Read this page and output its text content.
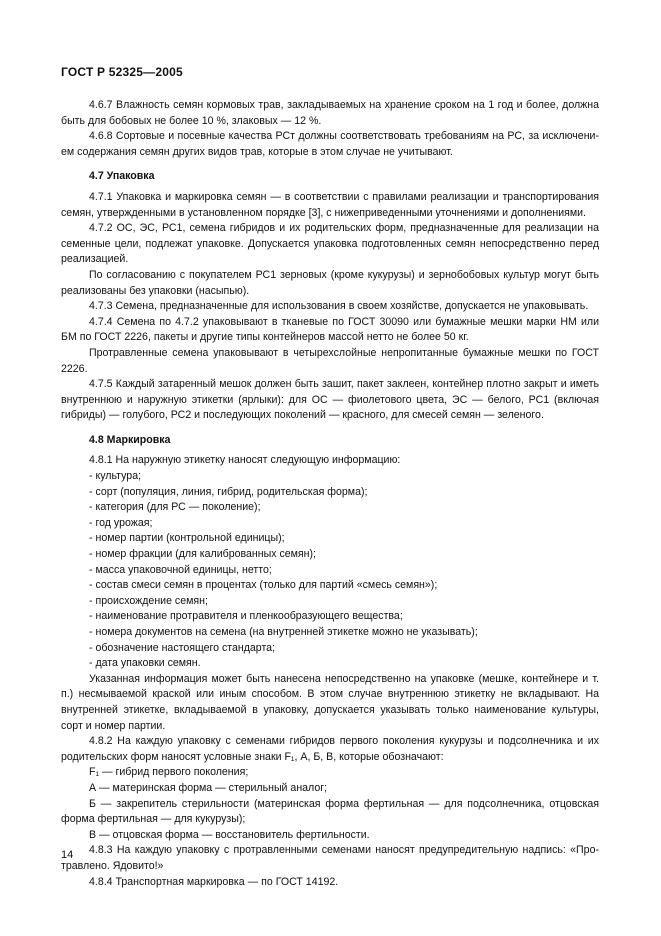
ГОСТ Р 52325—2005

4.6.7 Влажность семян кормовых трав, закладываемых на хранение сроком на 1 год и более, должна быть для бобовых не более 10 %, злаковых — 12 %.

4.6.8 Сортовые и посевные качества РСт должны соответствовать требованиям на РС, за исключени-ем содержания семян других видов трав, которые в этом случае не учитывают.

4.7 Упаковка

4.7.1 Упаковка и маркировка семян — в соответствии с правилами реализации и транспортирования семян, утвержденными в установленном порядке [3], с нижеприведенными уточнениями и дополнениями.

4.7.2 ОС, ЭС, РС1, семена гибридов и их родительских форм, предназначенные для реализации на семенные цели, подлежат упаковке. Допускается упаковка подготовленных семян непосредственно перед реализацией.

По согласованию с покупателем РС1 зерновых (кроме кукурузы) и зернобобовых культур могут быть реализованы без упаковки (насыпью).

4.7.3 Семена, предназначенные для использования в своем хозяйстве, допускается не упаковывать.

4.7.4 Семена по 4.7.2 упаковывают в тканевые по ГОСТ 30090 или бумажные мешки марки НМ или БМ по ГОСТ 2226, пакеты и другие типы контейнеров массой нетто не более 50 кг.

Протравленные семена упаковывают в четырехслойные непропитанные бумажные мешки по ГОСТ 2226.

4.7.5 Каждый затаренный мешок должен быть зашит, пакет заклеен, контейнер плотно закрыт и иметь внутреннюю и наружную этикетки (ярлыки): для ОС — фиолетового цвета, ЭС — белого, РС1 (включая гибриды) — голубого, РС2 и последующих поколений — красного, для смесей семян — зеленого.

4.8 Маркировка

4.8.1 На наружную этикетку наносят следующую информацию:

- культура;

- сорт (популяция, линия, гибрид, родительская форма);

- категория (для РС — поколение);

- год урожая;

- номер партии (контрольной единицы);

- номер фракции (для калиброванных семян);

- масса упаковочной единицы, нетто;

- состав смеси семян в процентах (только для партий «смесь семян»);

- происхождение семян;

- наименование протравителя и пленкообразующего вещества;

- номера документов на семена (на внутренней этикетке можно не указывать);

- обозначение настоящего стандарта;

- дата упаковки семян.

Указанная информация может быть нанесена непосредственно на упаковке (мешке, контейнере и т. п.) несмываемой краской или иным способом. В этом случае внутреннюю этикетку не вкладывают. На внутренней этикетке, вкладываемой в упаковку, допускается указывать только наименование культуры, сорт и номер партии.

4.8.2 На каждую упаковку с семенами гибридов первого поколения кукурузы и подсолнечника и их родительских форм наносят условные знаки F₁, А, Б, В, которые обозначают:

F₁ — гибрид первого поколения;

А — материнская форма — стерильный аналог;

Б — закрепитель стерильности (материнская форма фертильная — для подсолнечника, отцовская форма фертильная — для кукурузы);

В — отцовская форма — восстановитель фертильности.

4.8.3 На каждую упаковку с протравленными семенами наносят предупредительную надпись: «Про-травлено. Ядовито!»

4.8.4 Транспортная маркировка — по ГОСТ 14192.

14
